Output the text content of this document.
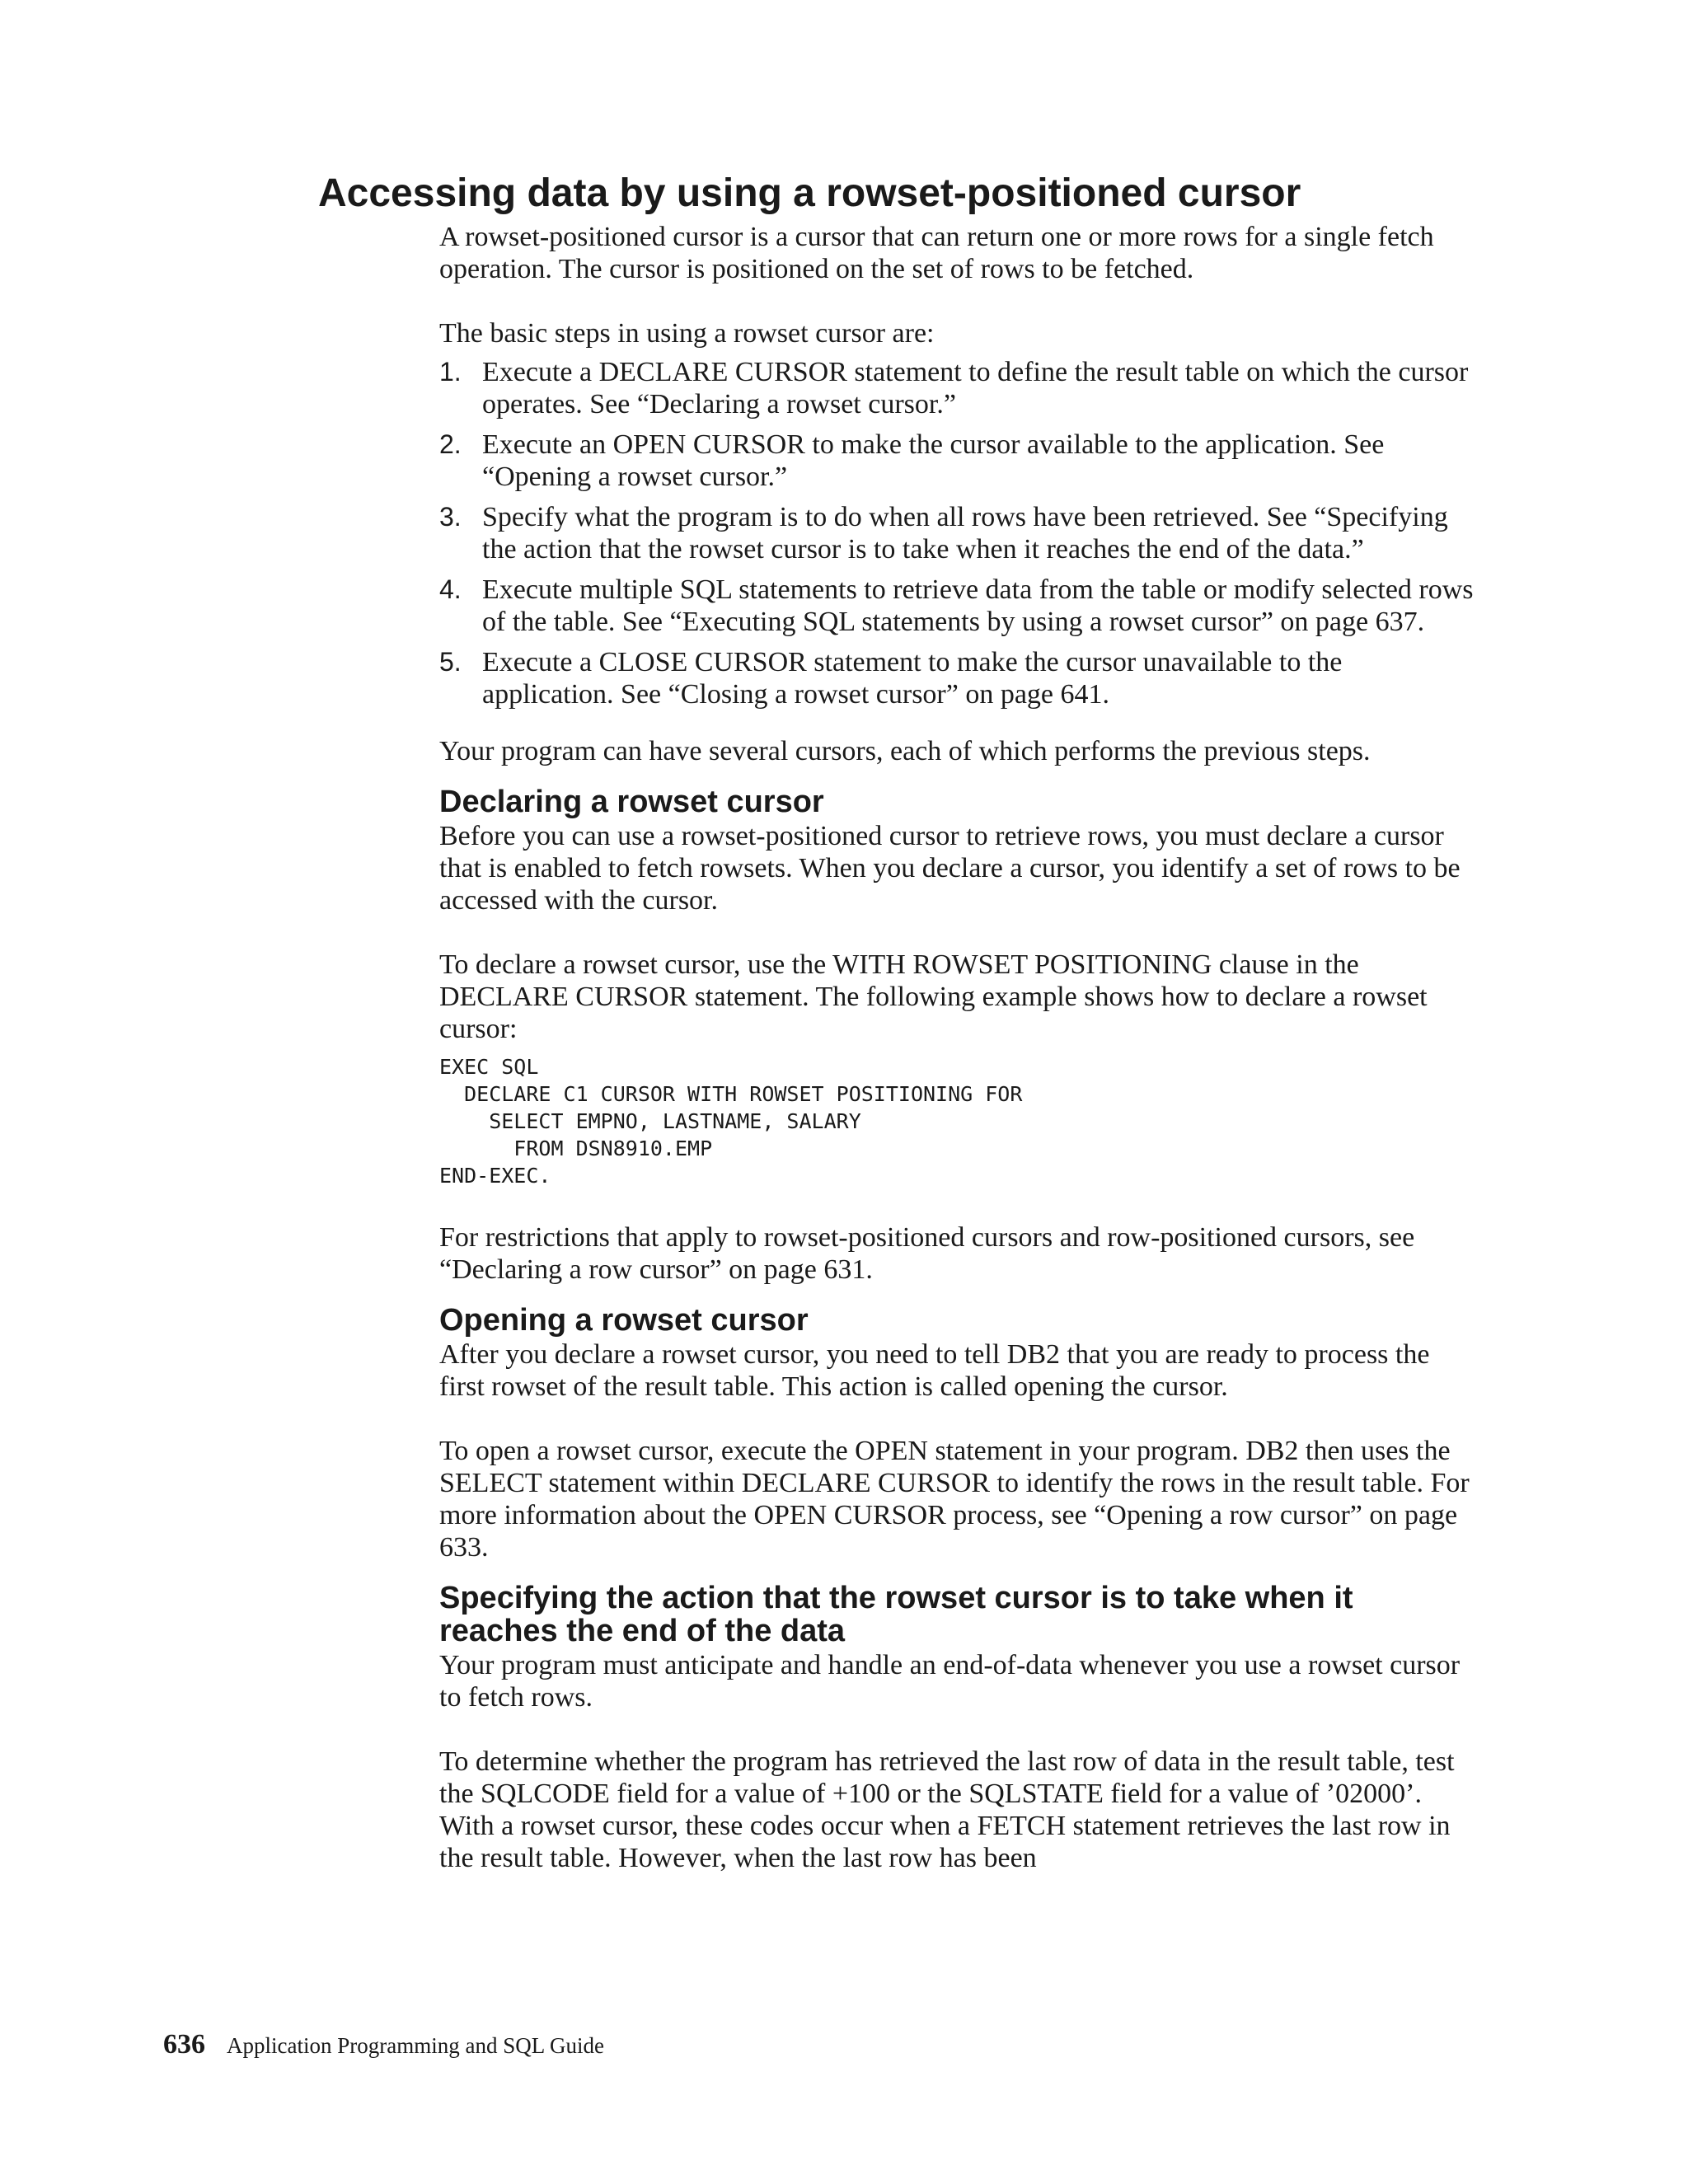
Accessing data by using a rowset-positioned cursor

A rowset-positioned cursor is a cursor that can return one or more rows for a single fetch operation. The cursor is positioned on the set of rows to be fetched.

The basic steps in using a rowset cursor are:

1. Execute a DECLARE CURSOR statement to define the result table on which the cursor operates. See “Declaring a rowset cursor.”
2. Execute an OPEN CURSOR to make the cursor available to the application. See “Opening a rowset cursor.”
3. Specify what the program is to do when all rows have been retrieved. See “Specifying the action that the rowset cursor is to take when it reaches the end of the data.”
4. Execute multiple SQL statements to retrieve data from the table or modify selected rows of the table. See “Executing SQL statements by using a rowset cursor” on page 637.
5. Execute a CLOSE CURSOR statement to make the cursor unavailable to the application. See “Closing a rowset cursor” on page 641.

Your program can have several cursors, each of which performs the previous steps.

Declaring a rowset cursor

Before you can use a rowset-positioned cursor to retrieve rows, you must declare a cursor that is enabled to fetch rowsets. When you declare a cursor, you identify a set of rows to be accessed with the cursor.

To declare a rowset cursor, use the WITH ROWSET POSITIONING clause in the DECLARE CURSOR statement. The following example shows how to declare a rowset cursor:

EXEC SQL
DECLARE C1 CURSOR WITH ROWSET POSITIONING FOR
SELECT EMPNO, LASTNAME, SALARY
FROM DSN8910.EMP
END-EXEC.

For restrictions that apply to rowset-positioned cursors and row-positioned cursors, see “Declaring a row cursor” on page 631.

Opening a rowset cursor

After you declare a rowset cursor, you need to tell DB2 that you are ready to process the first rowset of the result table. This action is called opening the cursor.

To open a rowset cursor, execute the OPEN statement in your program. DB2 then uses the SELECT statement within DECLARE CURSOR to identify the rows in the result table. For more information about the OPEN CURSOR process, see “Opening a row cursor” on page 633.

Specifying the action that the rowset cursor is to take when it reaches the end of the data

Your program must anticipate and handle an end-of-data whenever you use a rowset cursor to fetch rows.

To determine whether the program has retrieved the last row of data in the result table, test the SQLCODE field for a value of +100 or the SQLSTATE field for a value of ’02000’. With a rowset cursor, these codes occur when a FETCH statement retrieves the last row in the result table. However, when the last row has been

636 Application Programming and SQL Guide
